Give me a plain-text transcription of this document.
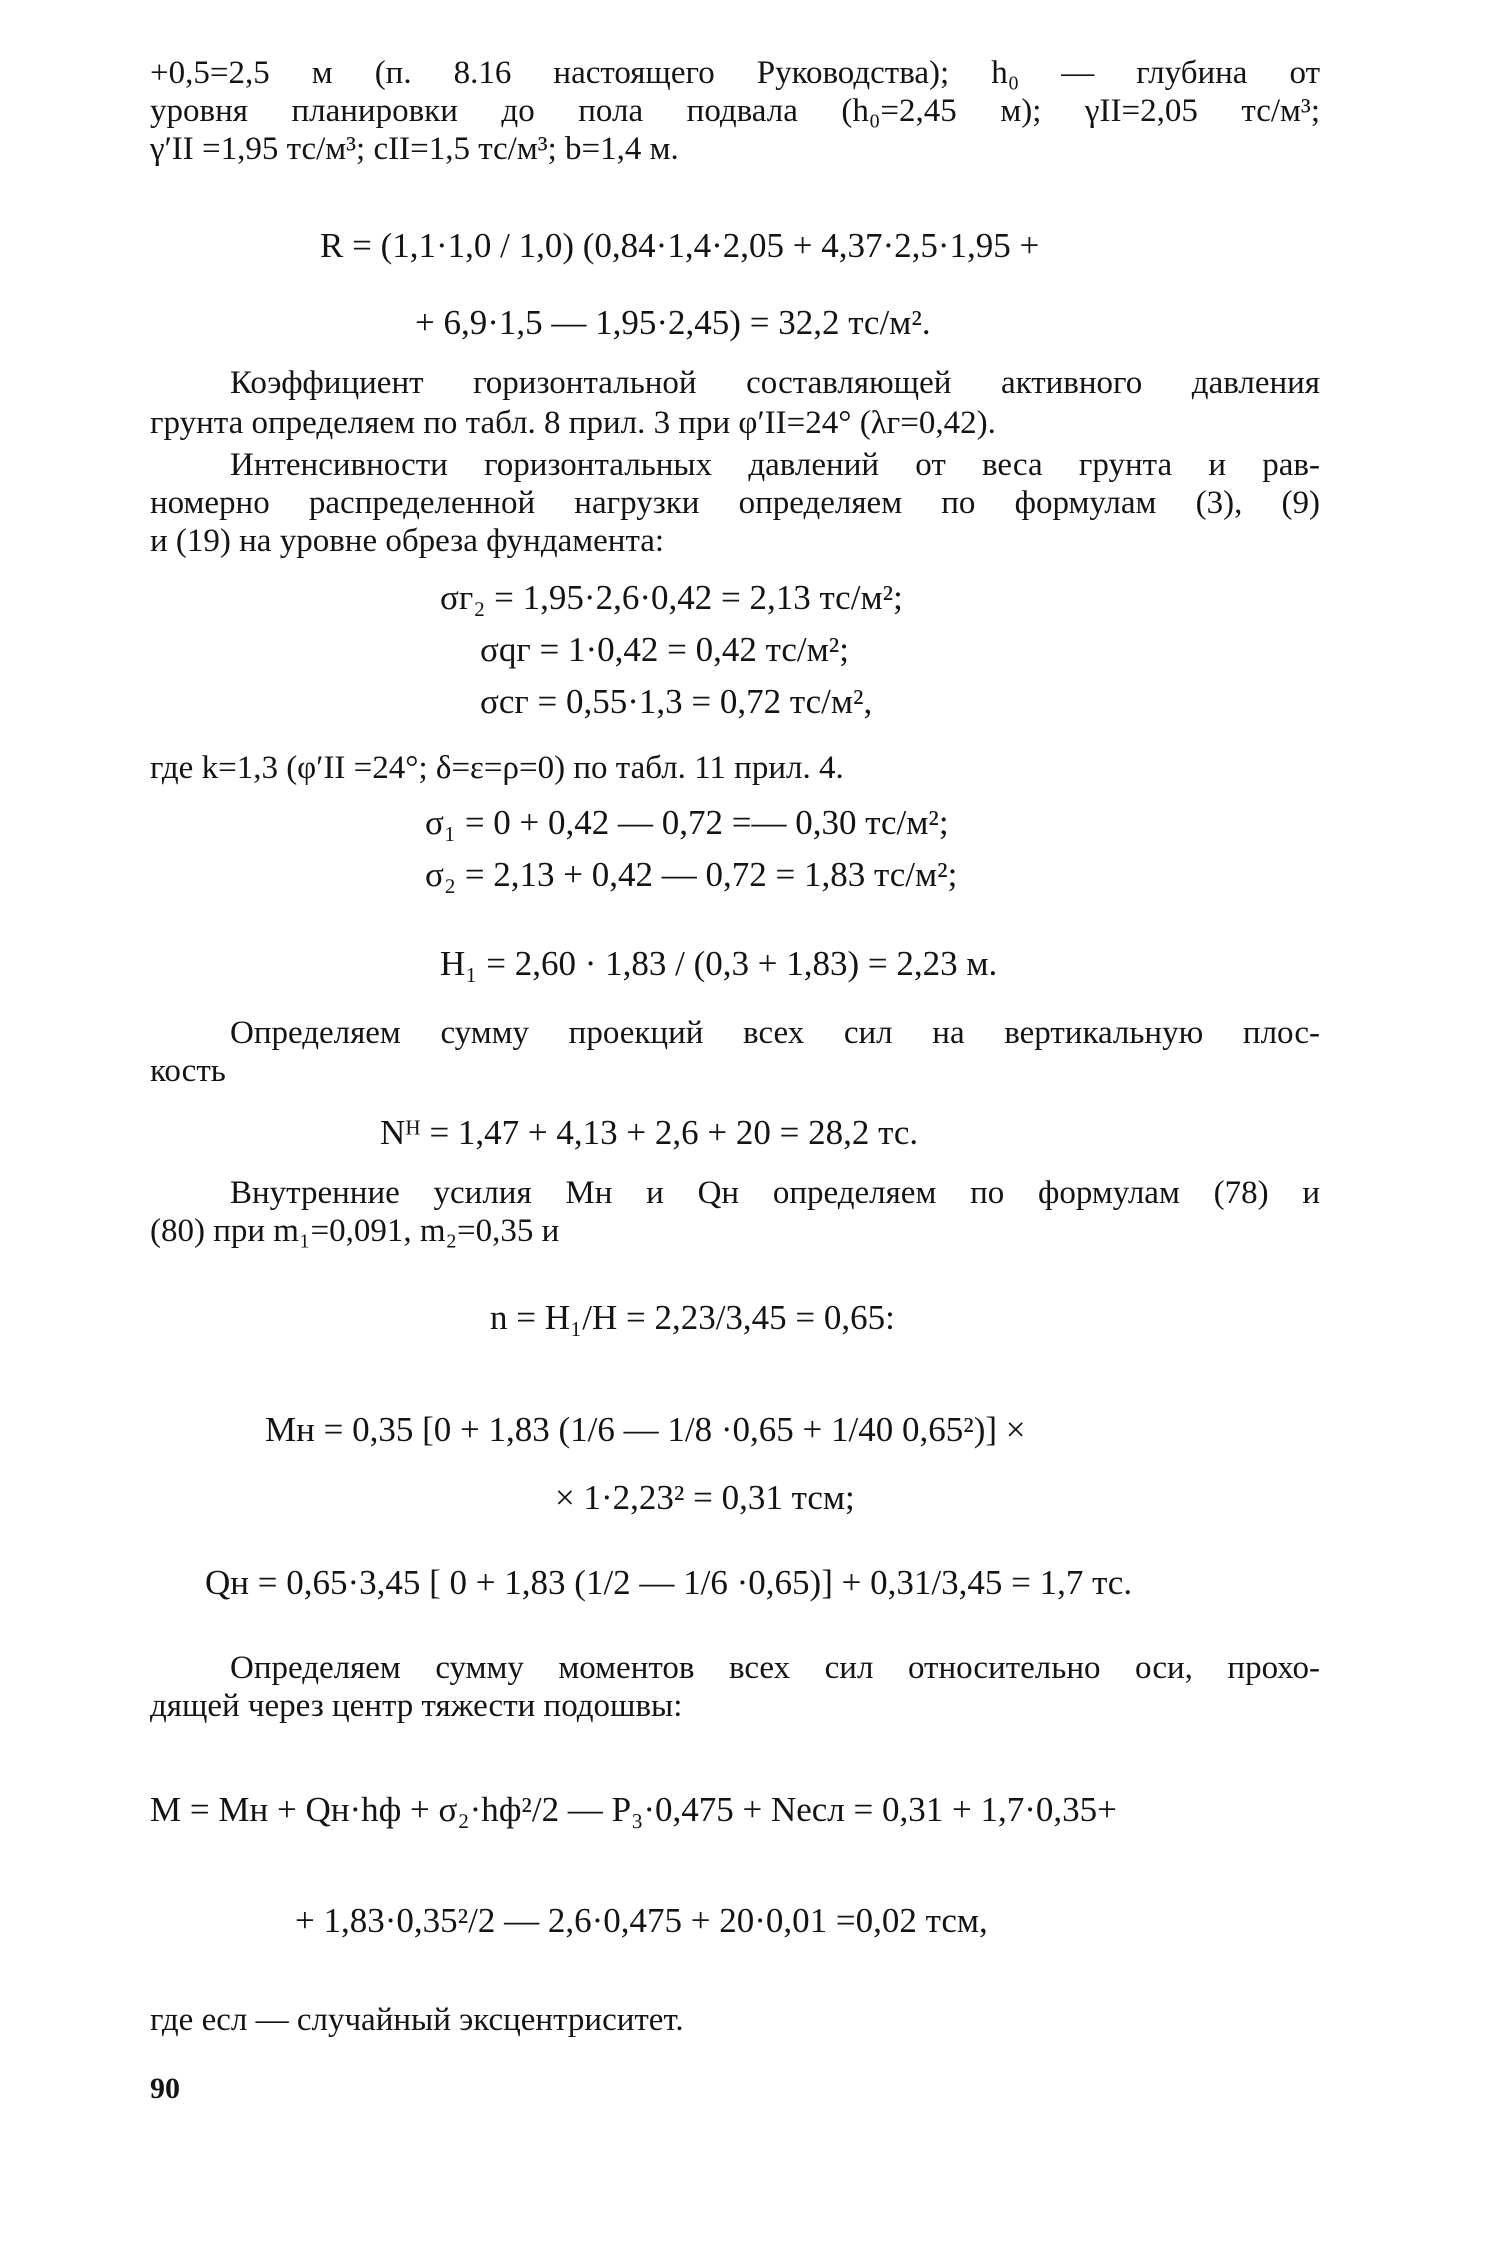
+0,5=2,5 м (п. 8.16 настоящего Руководства); h₀ — глубина от
уровня планировки до пола подвала (h₀=2,45 м); γII=2,05 тс/м³;
γ′II =1,95 тс/м³; cII=1,5 тс/м³; b=1,4 м.
R = (1,1·1,0 / 1,0) (0,84·1,4·2,05 + 4,37·2,5·1,95 +
+ 6,9·1,5 — 1,95·2,45) = 32,2 тс/м².
Коэффициент горизонтальной составляющей активного давления
грунта определяем по табл. 8 прил. 3 при φ′II=24° (λг=0,42).
Интенсивности горизонтальных давлений от веса грунта и рав-
номерно распределенной нагрузки определяем по формулам (3), (9)
и (19) на уровне обреза фундамента:
σг₂ = 1,95·2,6·0,42 = 2,13 тс/м²;
σqг = 1·0,42 = 0,42 тс/м²;
σсг = 0,55·1,3 = 0,72 тс/м²,
где k=1,3 (φ′II =24°; δ=ε=ρ=0) по табл. 11 прил. 4.
σ₁ = 0 + 0,42 — 0,72 =— 0,30 тс/м²;
σ₂ = 2,13 + 0,42 — 0,72 = 1,83 тс/м²;
H₁ = 2,60 · 1,83 / (0,3 + 1,83) = 2,23 м.
Определяем сумму проекций всех сил на вертикальную плос-
кость
Nᴴ = 1,47 + 4,13 + 2,6 + 20 = 28,2 тс.
Внутренние усилия Mн и Qн определяем по формулам (78) и
(80) при m₁=0,091, m₂=0,35 и
n = H₁/H = 2,23/3,45 = 0,65:
Mн = 0,35 [0 + 1,83 (1/6 — 1/8 ·0,65 + 1/40 0,65²)] ×
× 1·2,23² = 0,31 тсм;
Qн = 0,65·3,45 [ 0 + 1,83 (1/2 — 1/6 ·0,65)] + 0,31/3,45 = 1,7 тс.
Определяем сумму моментов всех сил относительно оси, прохо-
дящей через центр тяжести подошвы:
M = Mн + Qн·hф + σ₂·hф²/2 — P₃·0,475 + Neсл = 0,31 + 1,7·0,35+
+ 1,83·0,35²/2 — 2,6·0,475 + 20·0,01 =0,02 тсм,
где eсл — случайный эксцентриситет.
90
